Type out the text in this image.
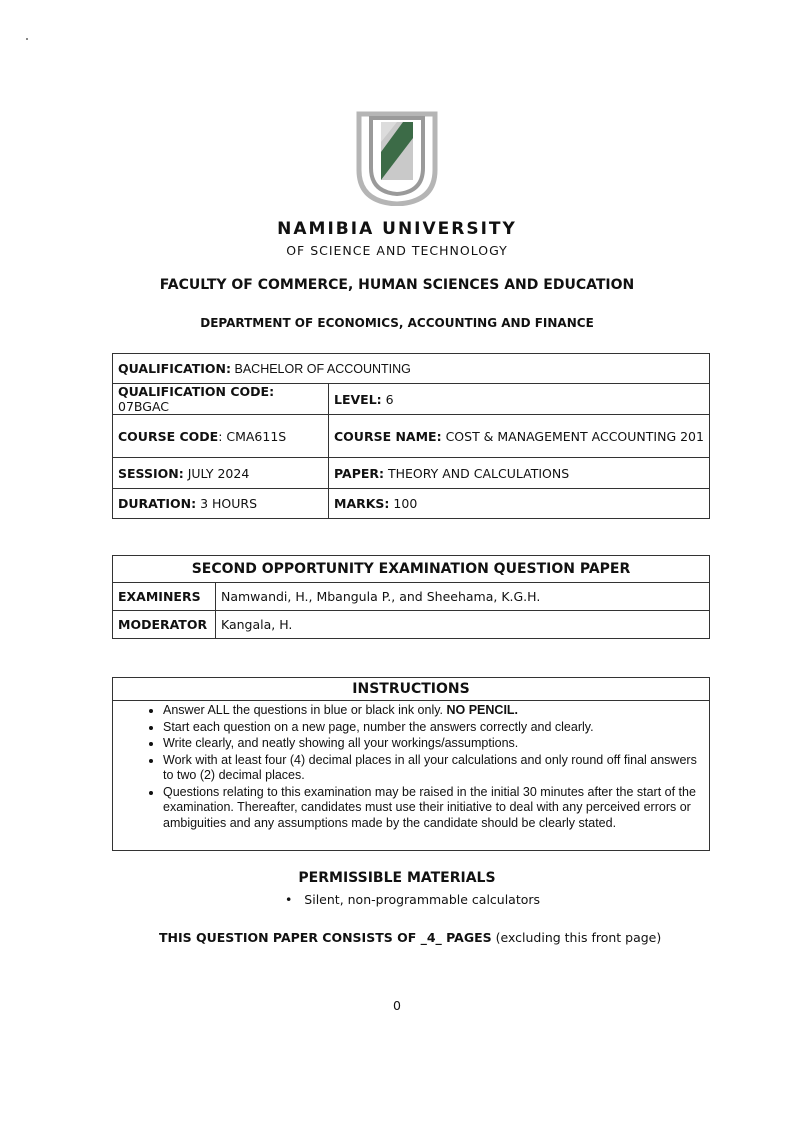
NAMIBIA UNIVERSITY
OF SCIENCE AND TECHNOLOGY
FACULTY OF COMMERCE, HUMAN SCIENCES AND EDUCATION
DEPARTMENT OF ECONOMICS, ACCOUNTING AND FINANCE
QUALIFICATION: BACHELOR OF ACCOUNTING	
QUALIFICATION CODE: 07BGAC	LEVEL: 6
COURSE CODE: CMA611S	COURSE NAME: COST & MANAGEMENT ACCOUNTING 201
SESSION: JULY 2024	PAPER: THEORY AND CALCULATIONS
DURATION: 3 HOURS	MARKS: 100
SECOND OPPORTUNITY EXAMINATION QUESTION PAPER	
EXAMINERS	Namwandi, H., Mbangula P., and Sheehama, K.G.H.
MODERATOR	Kangala, H.
INSTRUCTIONS
• Answer ALL the questions in blue or black ink only. NO PENCIL.
• Start each question on a new page, number the answers correctly and clearly.
• Write clearly, and neatly showing all your workings/assumptions.
• Work with at least four (4) decimal places in all your calculations and only round off final answers to two (2) decimal places.
• Questions relating to this examination may be raised in the initial 30 minutes after the start of the examination. Thereafter, candidates must use their initiative to deal with any perceived errors or ambiguities and any assumptions made by the candidate should be clearly stated.
PERMISSIBLE MATERIALS
•   Silent, non-programmable calculators
THIS QUESTION PAPER CONSISTS OF _4_ PAGES (excluding this front page)
0
